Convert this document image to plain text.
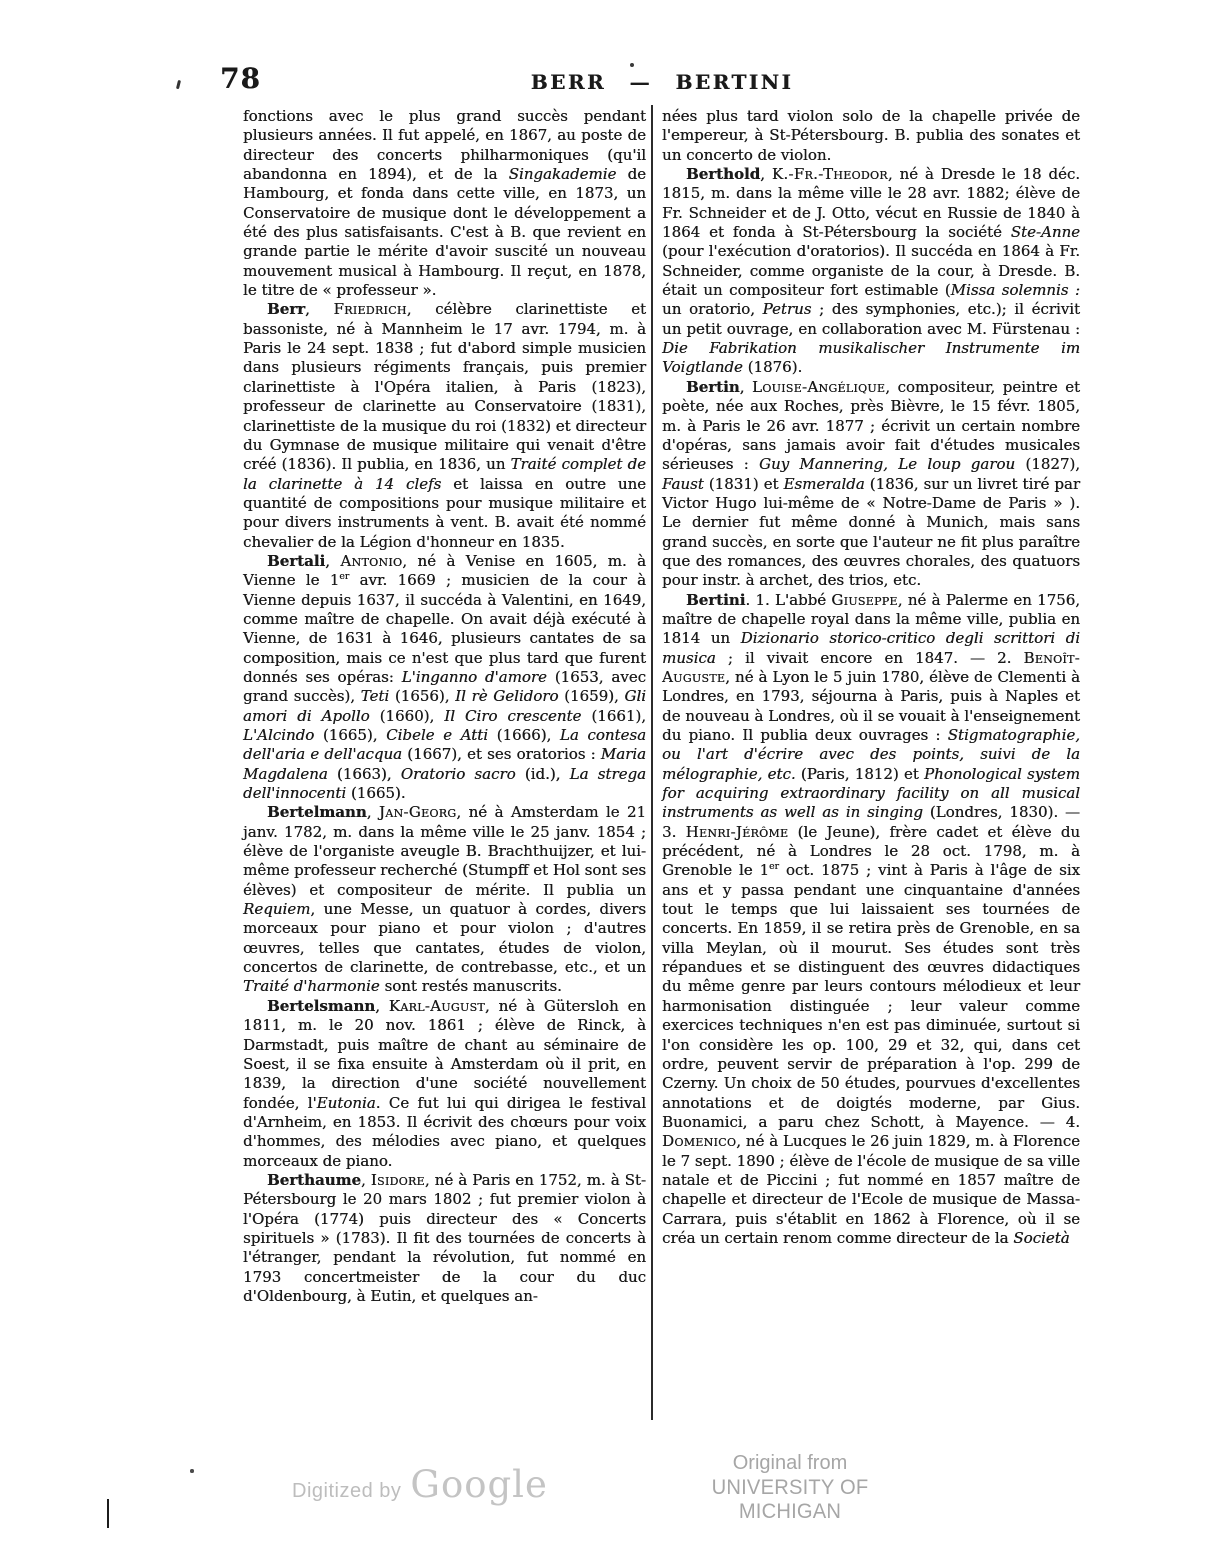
78	BERR — BERTINI

fonctions avec le plus grand succès pendant plusieurs années. Il fut appelé, en 1867, au poste de directeur des concerts philharmoniques (qu'il abandonna en 1894), et de la Singakademie de Hambourg, et fonda dans cette ville, en 1873, un Conservatoire de musique dont le développement a été des plus satisfaisants. C'est à B. que revient en grande partie le mérite d'avoir suscité un nouveau mouvement musical à Hambourg. Il reçut, en 1878, le titre de « professeur ».

Berr, Friedrich, célèbre clarinettiste et bassoniste, né à Mannheim le 17 avr. 1794, m. à Paris le 24 sept. 1838 ; fut d'abord simple musicien dans plusieurs régiments français, puis premier clarinettiste à l'Opéra italien, à Paris (1823), professeur de clarinette au Conservatoire (1831), clarinettiste de la musique du roi (1832) et directeur du Gymnase de musique militaire qui venait d'être créé (1836). Il publia, en 1836, un Traité complet de la clarinette à 14 clefs et laissa en outre une quantité de compositions pour musique militaire et pour divers instruments à vent. B. avait été nommé chevalier de la Légion d'honneur en 1835.

Bertali, Antonio, né à Venise en 1605, m. à Vienne le 1er avr. 1669 ; musicien de la cour à Vienne depuis 1637, il succéda à Valentini, en 1649, comme maître de chapelle. On avait déjà exécuté à Vienne, de 1631 à 1646, plusieurs cantates de sa composition, mais ce n'est que plus tard que furent donnés ses opéras: L'inganno d'amore (1653, avec grand succès), Teti (1656), Il rè Gelidoro (1659), Gli amori di Apollo (1660), Il Ciro crescente (1661), L'Alcindo (1665), Cibele e Atti (1666), La contesa dell'aria e dell'acqua (1667), et ses oratorios : Maria Magdalena (1663), Oratorio sacro (id.), La strega dell'innocenti (1665).

Bertelmann, Jan-Georg, né à Amsterdam le 21 janv. 1782, m. dans la même ville le 25 janv. 1854 ; élève de l'organiste aveugle B. Brachthuijzer, et lui-même professeur recherché (Stumpff et Hol sont ses élèves) et compositeur de mérite. Il publia un Requiem, une Messe, un quatuor à cordes, divers morceaux pour piano et pour violon ; d'autres œuvres, telles que cantates, études de violon, concertos de clarinette, de contrebasse, etc., et un Traité d'harmonie sont restés manuscrits.

Bertelsmann, Karl-August, né à Gütersloh en 1811, m. le 20 nov. 1861 ; élève de Rinck, à Darmstadt, puis maître de chant au séminaire de Soest, il se fixa ensuite à Amsterdam où il prit, en 1839, la direction d'une société nouvellement fondée, l'Eutonia. Ce fut lui qui dirigea le festival d'Arnheim, en 1853. Il écrivit des chœurs pour voix d'hommes, des mélodies avec piano, et quelques morceaux de piano.

Berthaume, Isidore, né à Paris en 1752, m. à St-Pétersbourg le 20 mars 1802 ; fut premier violon à l'Opéra (1774) puis directeur des « Concerts spirituels » (1783). Il fit des tournées de concerts à l'étranger, pendant la révolution, fut nommé en 1793 concertmeister de la cour du duc d'Oldenbourg, à Eutin, et quelques an-

nées plus tard violon solo de la chapelle privée de l'empereur, à St-Pétersbourg. B. publia des sonates et un concerto de violon.

Berthold, K.-Fr.-Theodor, né à Dresde le 18 déc. 1815, m. dans la même ville le 28 avr. 1882; élève de Fr. Schneider et de J. Otto, vécut en Russie de 1840 à 1864 et fonda à St-Pétersbourg la société Ste-Anne (pour l'exécution d'oratorios). Il succéda en 1864 à Fr. Schneider, comme organiste de la cour, à Dresde. B. était un compositeur fort estimable (Missa solemnis : un oratorio, Petrus ; des symphonies, etc.); il écrivit un petit ouvrage, en collaboration avec M. Fürstenau : Die Fabrikation musikalischer Instrumente im Voigtlande (1876).

Bertin, Louise-Angélique, compositeur, peintre et poète, née aux Roches, près Bièvre, le 15 févr. 1805, m. à Paris le 26 avr. 1877 ; écrivit un certain nombre d'opéras, sans jamais avoir fait d'études musicales sérieuses : Guy Mannering, Le loup garou (1827), Faust (1831) et Esmeralda (1836, sur un livret tiré par Victor Hugo lui-même de « Notre-Dame de Paris » ). Le dernier fut même donné à Munich, mais sans grand succès, en sorte que l'auteur ne fit plus paraître que des romances, des œuvres chorales, des quatuors pour instr. à archet, des trios, etc.

Bertini. 1. L'abbé Giuseppe, né à Palerme en 1756, maître de chapelle royal dans la même ville, publia en 1814 un Dizionario storico-critico degli scrittori di musica ; il vivait encore en 1847. — 2. Benoît-Auguste, né à Lyon le 5 juin 1780, élève de Clementi à Londres, en 1793, séjourna à Paris, puis à Naples et de nouveau à Londres, où il se vouait à l'enseignement du piano. Il publia deux ouvrages : Stigmatographie, ou l'art d'écrire avec des points, suivi de la mélographie, etc. (Paris, 1812) et Phonological system for acquiring extraordinary facility on all musical instruments as well as in singing (Londres, 1830). — 3. Henri-Jérôme (le Jeune), frère cadet et élève du précédent, né à Londres le 28 oct. 1798, m. à Grenoble le 1er oct. 1875 ; vint à Paris à l'âge de six ans et y passa pendant une cinquantaine d'années tout le temps que lui laissaient ses tournées de concerts. En 1859, il se retira près de Grenoble, en sa villa Meylan, où il mourut. Ses études sont très répandues et se distinguent des œuvres didactiques du même genre par leurs contours mélodieux et leur harmonisation distinguée ; leur valeur comme exercices techniques n'en est pas diminuée, surtout si l'on considère les op. 100, 29 et 32, qui, dans cet ordre, peuvent servir de préparation à l'op. 299 de Czerny. Un choix de 50 études, pourvues d'excellentes annotations et de doigtés moderne, par Gius. Buonamici, a paru chez Schott, à Mayence. — 4. Domenico, né à Lucques le 26 juin 1829, m. à Florence le 7 sept. 1890 ; élève de l'école de musique de sa ville natale et de Piccini ; fut nommé en 1857 maître de chapelle et directeur de l'Ecole de musique de Massa-Carrara, puis s'établit en 1862 à Florence, où il se créa un certain renom comme directeur de la Società

Digitized by Google	Original from
UNIVERSITY OF MICHIGAN
